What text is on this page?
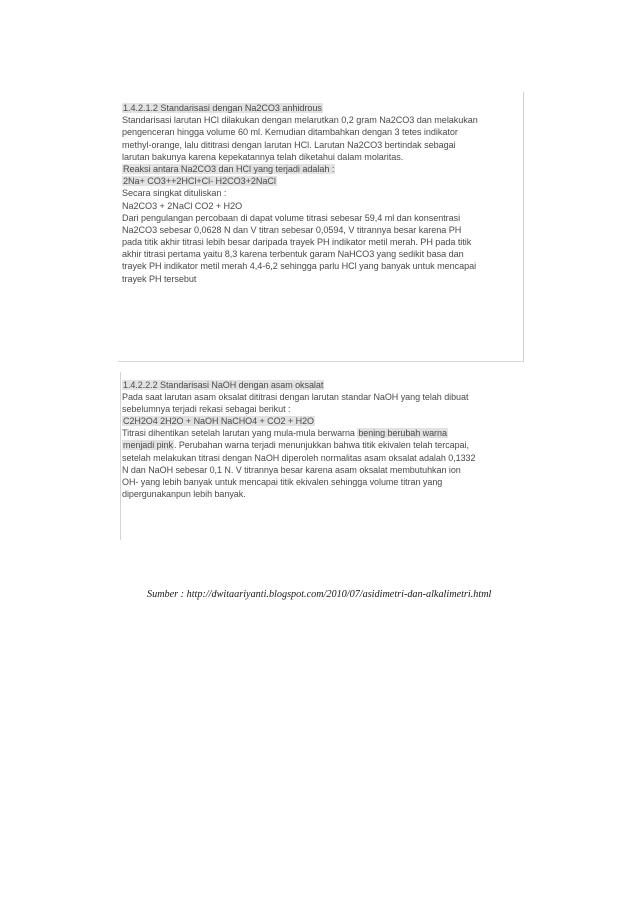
1.4.2.1.2 Standarisasi dengan Na2CO3 anhidrous
Standarisasi larutan HCl dilakukan dengan melarutkan 0,2 gram Na2CO3 dan melakukan
pengenceran hingga volume 60 ml. Kemudian ditambahkan dengan 3 tetes indikator
methyl-orange, lalu dititrasi dengan larutan HCl. Larutan Na2CO3 bertindak sebagai
larutan bakunya karena kepekatannya telah diketahui dalam molaritas.
Reaksi antara Na2CO3 dan HCl yang terjadi adalah :
2Na+ CO3++2HCl+Cl- H2CO3+2NaCl
Secara singkat dituliskan :
Na2CO3 + 2NaCl CO2 + H2O
Dari pengulangan percobaan di dapat volume titrasi sebesar 59,4 ml dan konsentrasi
Na2CO3 sebesar 0,0628 N dan V titran sebesar 0,0594, V titrannya besar karena PH
pada titik akhir titrasi lebih besar daripada trayek PH indikator metil merah. PH pada titik
akhir titrasi pertama yaitu 8,3 karena terbentuk garam NaHCO3 yang sedikit basa dan
trayek PH indikator metil merah 4,4-6,2 sehingga parlu HCl yang banyak untuk mencapai
trayek PH tersebut
1.4.2.2.2 Standarisasi NaOH dengan asam oksalat
Pada saat larutan asam oksalat dititrasi dengan larutan standar NaOH yang telah dibuat
sebelumnya terjadi rekasi sebagai berikut :
C2H2O4 2H2O + NaOH NaCHO4 + CO2 + H2O
Titrasi dihentikan setelah larutan yang mula-mula berwarna bening berubah warna
menjadi pink. Perubahan warna terjadi menunjukkan bahwa titik ekivalen telah tercapai,
setelah melakukan titrasi dengan NaOH diperoleh normalitas asam oksalat adalah 0,1332
N dan NaOH sebesar 0,1 N. V titrannya besar karena asam oksalat membutuhkan ion
OH- yang lebih banyak untuk mencapai titik ekivalen sehingga volume titran yang
dipergunakanpun lebih banyak.
Sumber : http://dwitaariyanti.blogspot.com/2010/07/asidimetri-dan-alkalimetri.html
